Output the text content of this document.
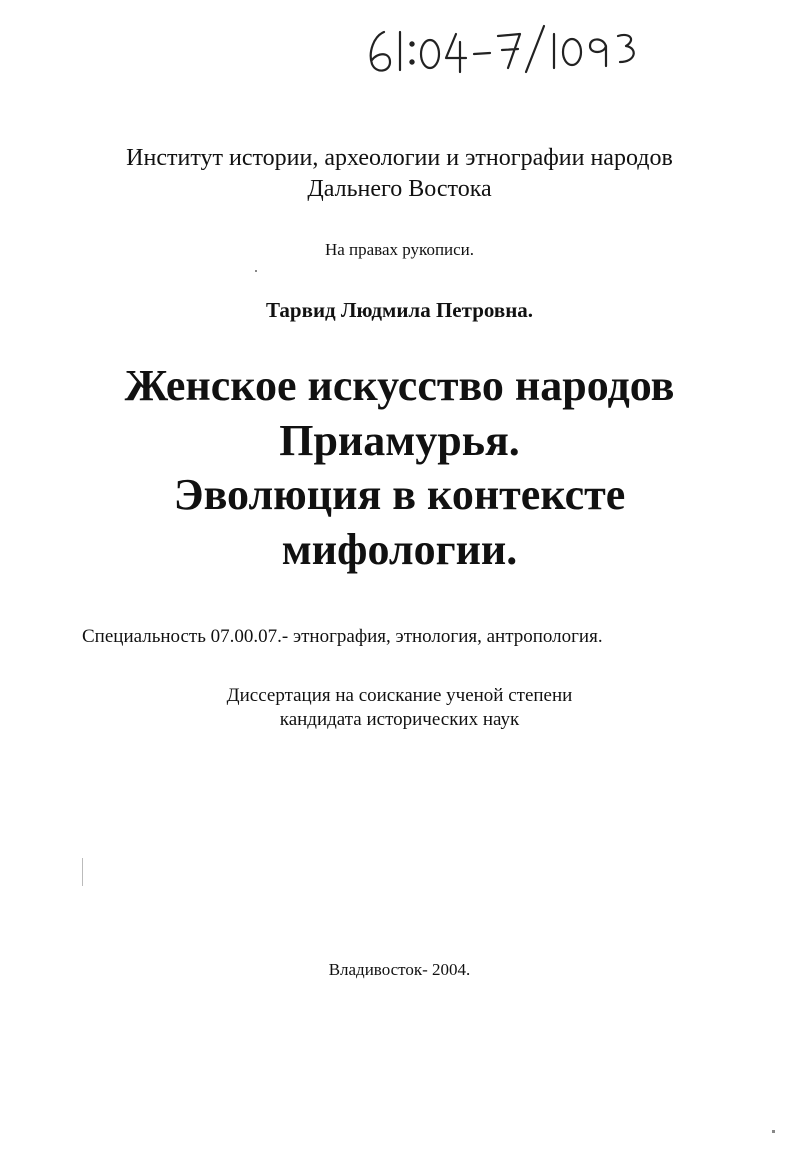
Институт истории, археологии и этнографии народов
Дальнего Востока
На правах рукописи.
Тарвид Людмила Петровна.
Женское искусство народов
Приамурья.
Эволюция в контексте
мифологии.
Специальность 07.00.07.- этнография, этнология, антропология.
Диссертация на соискание ученой степени
кандидата исторических наук
Владивосток- 2004.
